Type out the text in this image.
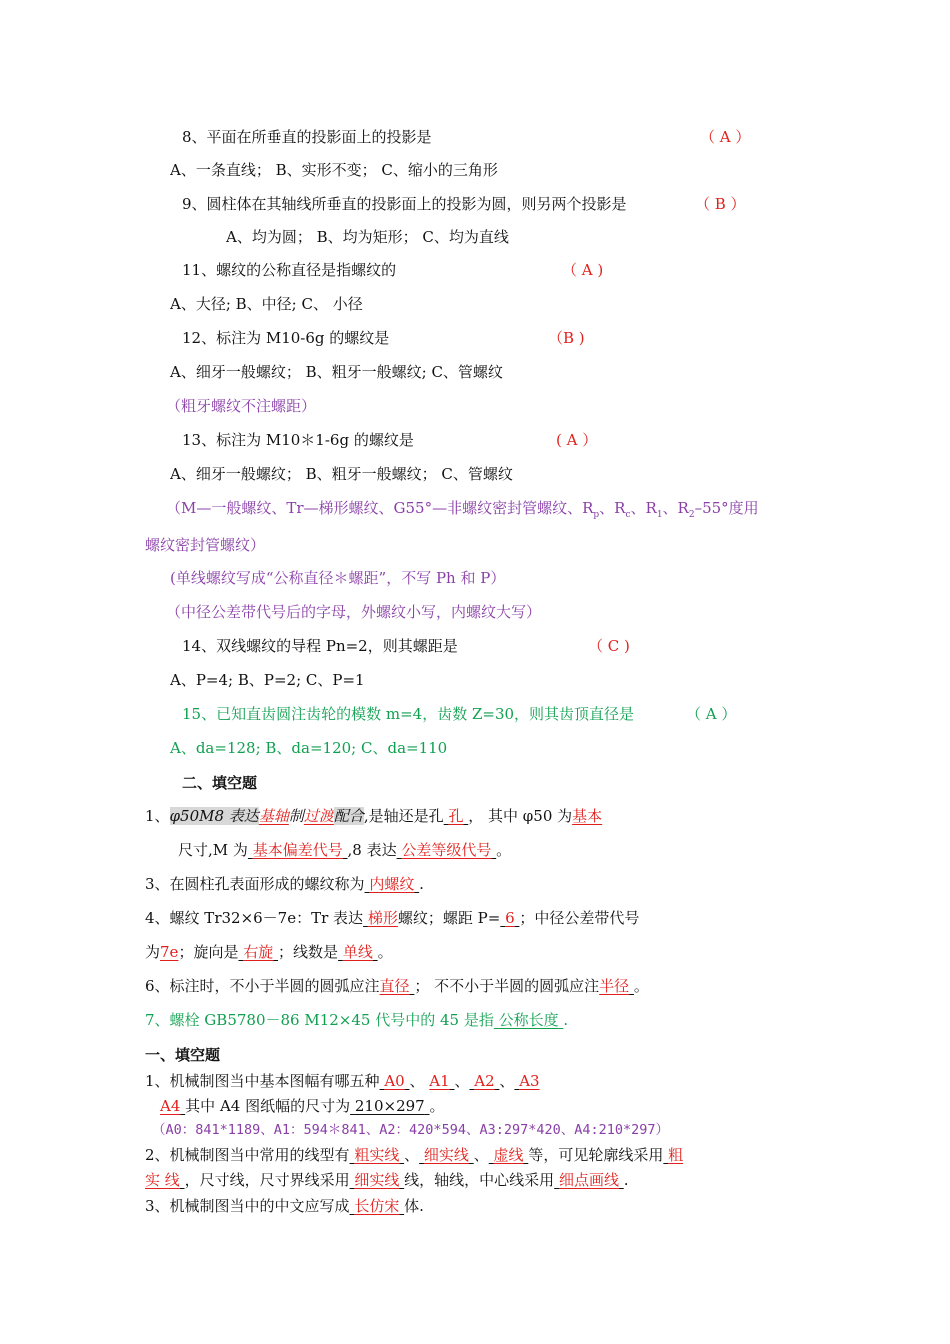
8、平面在所垂直的投影面上的投影是	（ A ）
A、一条直线； B、实形不变； C、缩小的三角形
9、圆柱体在其轴线所垂直的投影面上的投影为圆，则另两个投影是	（ B ）
A、均为圆； B、均为矩形； C、均为直线
11、螺纹的公称直径是指螺纹的	（ A )
A、大径; B、中径; C、 小径
12、标注为 M10-6g 的螺纹是	（B )
A、细牙一般螺纹； B、粗牙一般螺纹; C、管螺纹
（粗牙螺纹不注螺距）
13、标注为 M10＊1-6g 的螺纹是	( A ）
A、细牙一般螺纹； B、粗牙一般螺纹； C、管螺纹
（M—一般螺纹、Tr—梯形螺纹、G55°—非螺纹密封管螺纹、$R_p$、$R_c$、$R_1$、$R_2-55^\circ$度用
螺纹密封管螺纹）
(单线螺纹写成“公称直径＊螺距”，不写 Ph 和 P）
（中径公差带代号后的字母，外螺纹小写，内螺纹大写）
14、双线螺纹的导程 Pn=2，则其螺距是	（ C )
A、P=4; B、P=2; C、P=1
15、已知直齿圆注齿轮的模数 m=4，齿数 Z=30，则其齿顶直径是	（ A ）
A、da=128; B、da=120; C、da=110
二、填空题
1、φ50M8 表达基轴制过渡配合,是轴还是孔 孔 ， 其中 φ50 为基本
尺寸,M 为 基本偏差代号 ,8 表达 公差等级代号 。
3、在圆柱孔表面形成的螺纹称为 内螺纹 .
4、螺纹 Tr32×6－7e：Tr 表达 梯形螺纹；螺距 P= 6 ；中径公差带代号
为7e；旋向是 右旋 ；线数是 单线 。
6、标注时，不小于半圆的圆弧应注直径 ； 不不小于半圆的圆弧应注半径 。
7、螺栓 GB5780－86 M12×45 代号中的 45 是指 公称长度 .
一、填空题
1、机械制图当中基本图幅有哪五种 A0 、 A1 、 A2 、 A3
A4 其中 A4 图纸幅的尺寸为 210×297 。
（A0：841*1189、A1：594＊841、A2：420*594、A3:297*420、A4:210*297）
2、机械制图当中常用的线型有 粗实线 、 细实线 、 虚线 等，可见轮廓线采用 粗
实 线 ，尺寸线，尺寸界线采用 细实线 线，轴线，中心线采用 细点画线 .
3、机械制图当中的中文应写成 长仿宋 体.
